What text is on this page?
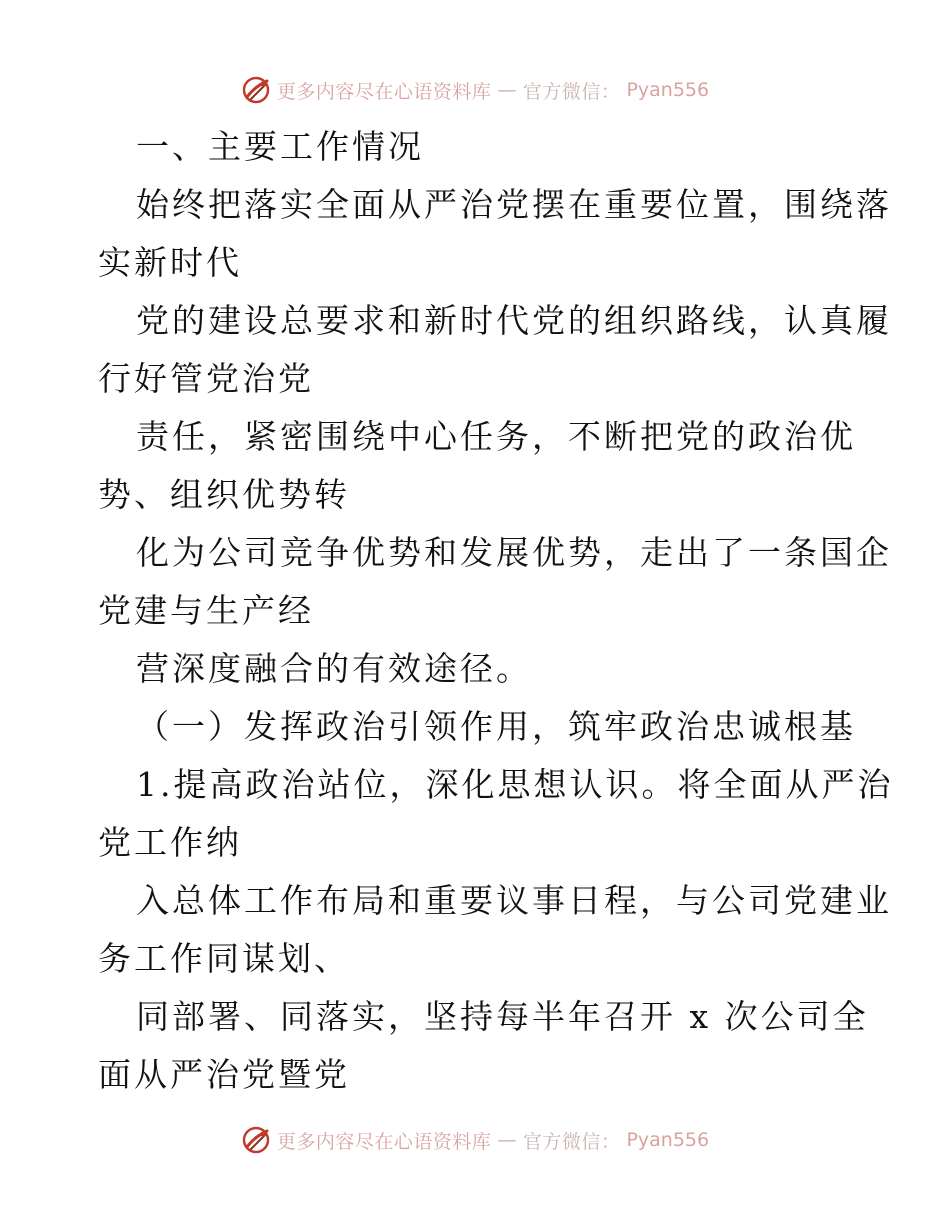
更多内容尽在心语资料库 — 官方微信： Pyan556
一、主要工作情况
始终把落实全面从严治党摆在重要位置，围绕落
实新时代
党的建设总要求和新时代党的组织路线，认真履
行好管党治党
责任，紧密围绕中心任务，不断把党的政治优
势、组织优势转
化为公司竞争优势和发展优势，走出了一条国企
党建与生产经
营深度融合的有效途径。
（一）发挥政治引领作用，筑牢政治忠诚根基
1.提高政治站位，深化思想认识。将全面从严治
党工作纳
入总体工作布局和重要议事日程，与公司党建业
务工作同谋划、
同部署、同落实，坚持每半年召开 x 次公司全
面从严治党暨党
更多内容尽在心语资料库 — 官方微信： Pyan556
